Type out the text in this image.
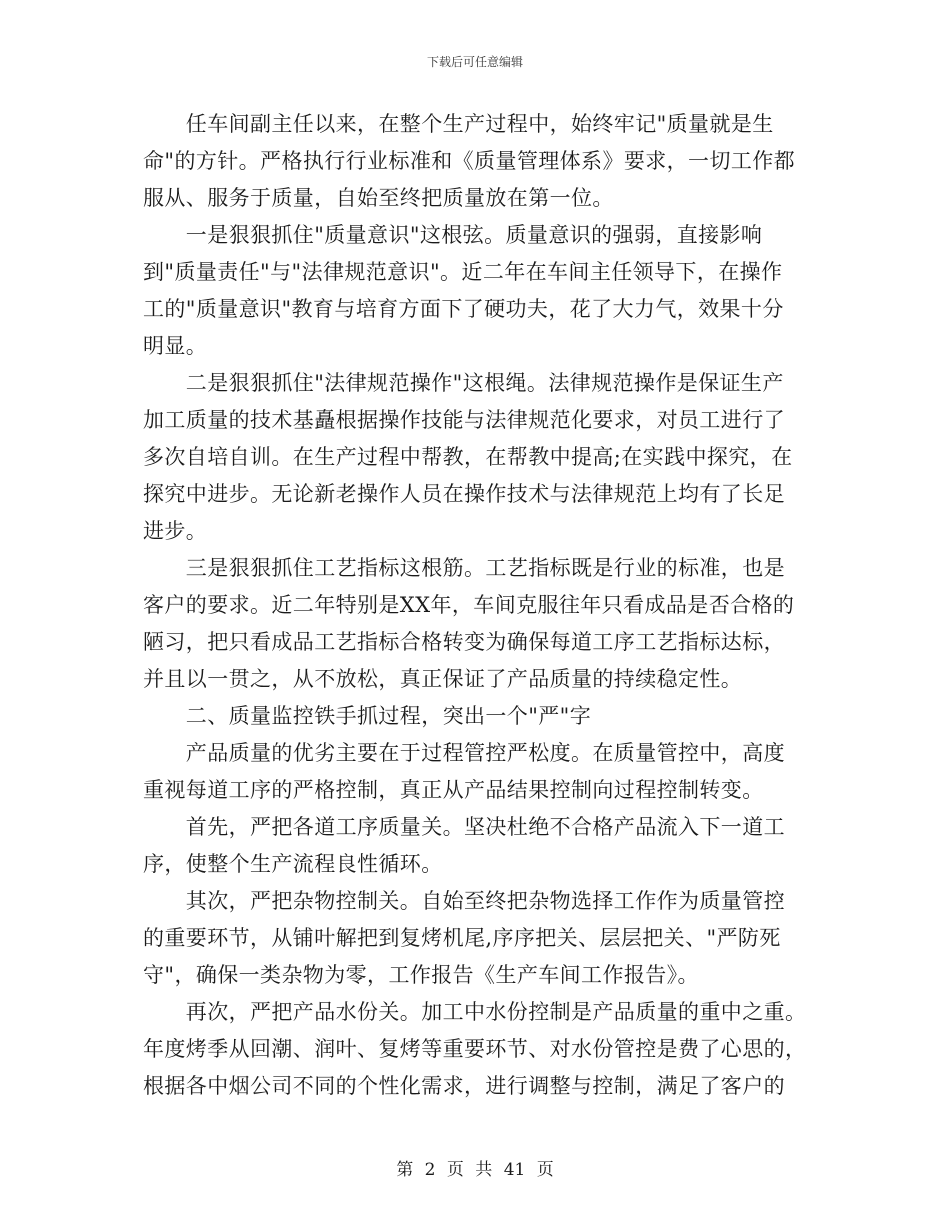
下载后可任意编辑
　　任车间副主任以来，在整个生产过程中，始终牢记"质量就是生
命"的方针。严格执行行业标准和《质量管理体系》要求，一切工作都
服从、服务于质量，自始至终把质量放在第一位。
　　一是狠狠抓住"质量意识"这根弦。质量意识的强弱，直接影响
到"质量责任"与"法律规范意识"。近二年在车间主任领导下，在操作
工的"质量意识"教育与培育方面下了硬功夫，花了大力气，效果十分
明显。
　　二是狠狠抓住"法律规范操作"这根绳。法律规范操作是保证生产
加工质量的技术基矗根据操作技能与法律规范化要求，对员工进行了
多次自培自训。在生产过程中帮教，在帮教中提高;在实践中探究，在
探究中进步。无论新老操作人员在操作技术与法律规范上均有了长足
进步。
　　三是狠狠抓住工艺指标这根筋。工艺指标既是行业的标准，也是
客户的要求。近二年特别是XX年，车间克服往年只看成品是否合格的
陋习，把只看成品工艺指标合格转变为确保每道工序工艺指标达标，
并且以一贯之，从不放松，真正保证了产品质量的持续稳定性。
　　二、质量监控铁手抓过程，突出一个"严"字
　　产品质量的优劣主要在于过程管控严松度。在质量管控中，高度
重视每道工序的严格控制，真正从产品结果控制向过程控制转变。
　　首先，严把各道工序质量关。坚决杜绝不合格产品流入下一道工
序，使整个生产流程良性循环。
　　其次，严把杂物控制关。自始至终把杂物选择工作作为质量管控
的重要环节，从铺叶解把到复烤机尾,序序把关、层层把关、"严防死
守"，确保一类杂物为零，工作报告《生产车间工作报告》。
　　再次，严把产品水份关。加工中水份控制是产品质量的重中之重。
年度烤季从回潮、润叶、复烤等重要环节、对水份管控是费了心思的，
根据各中烟公司不同的个性化需求，进行调整与控制，满足了客户的
第 2 页 共 41 页
